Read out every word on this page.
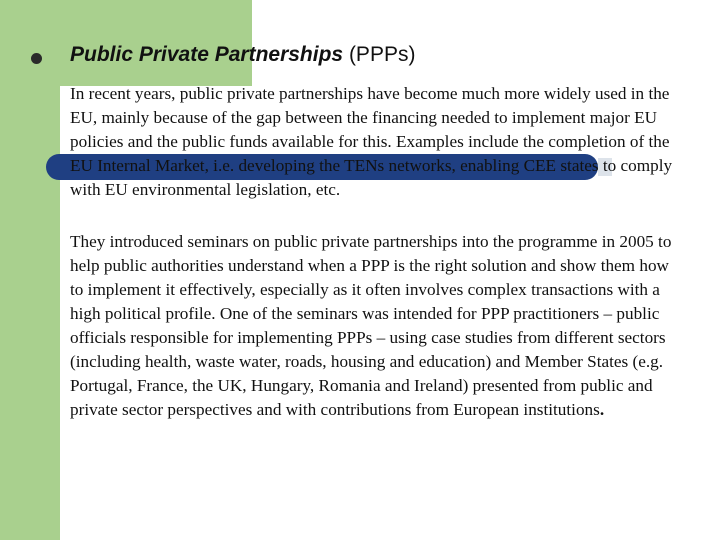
Public Private Partnerships (PPPs)
In recent years, public private partnerships have become much more widely used in the EU, mainly because of the gap between the financing needed to implement major EU policies and the public funds available for this. Examples include the completion of the EU Internal Market, i.e. developing the TENs networks, enabling CEE states to comply with EU environmental legislation, etc.
They introduced seminars on public private partnerships into the programme in 2005 to help public authorities understand when a PPP is the right solution and show them how to implement it effectively, especially as it often involves complex transactions with a high political profile. One of the seminars was intended for PPP practitioners – public officials responsible for implementing PPPs – using case studies from different sectors (including health, waste water, roads, housing and education) and Member States (e.g. Portugal, France, the UK, Hungary, Romania and Ireland) presented from public and private sector perspectives and with contributions from European institutions.
